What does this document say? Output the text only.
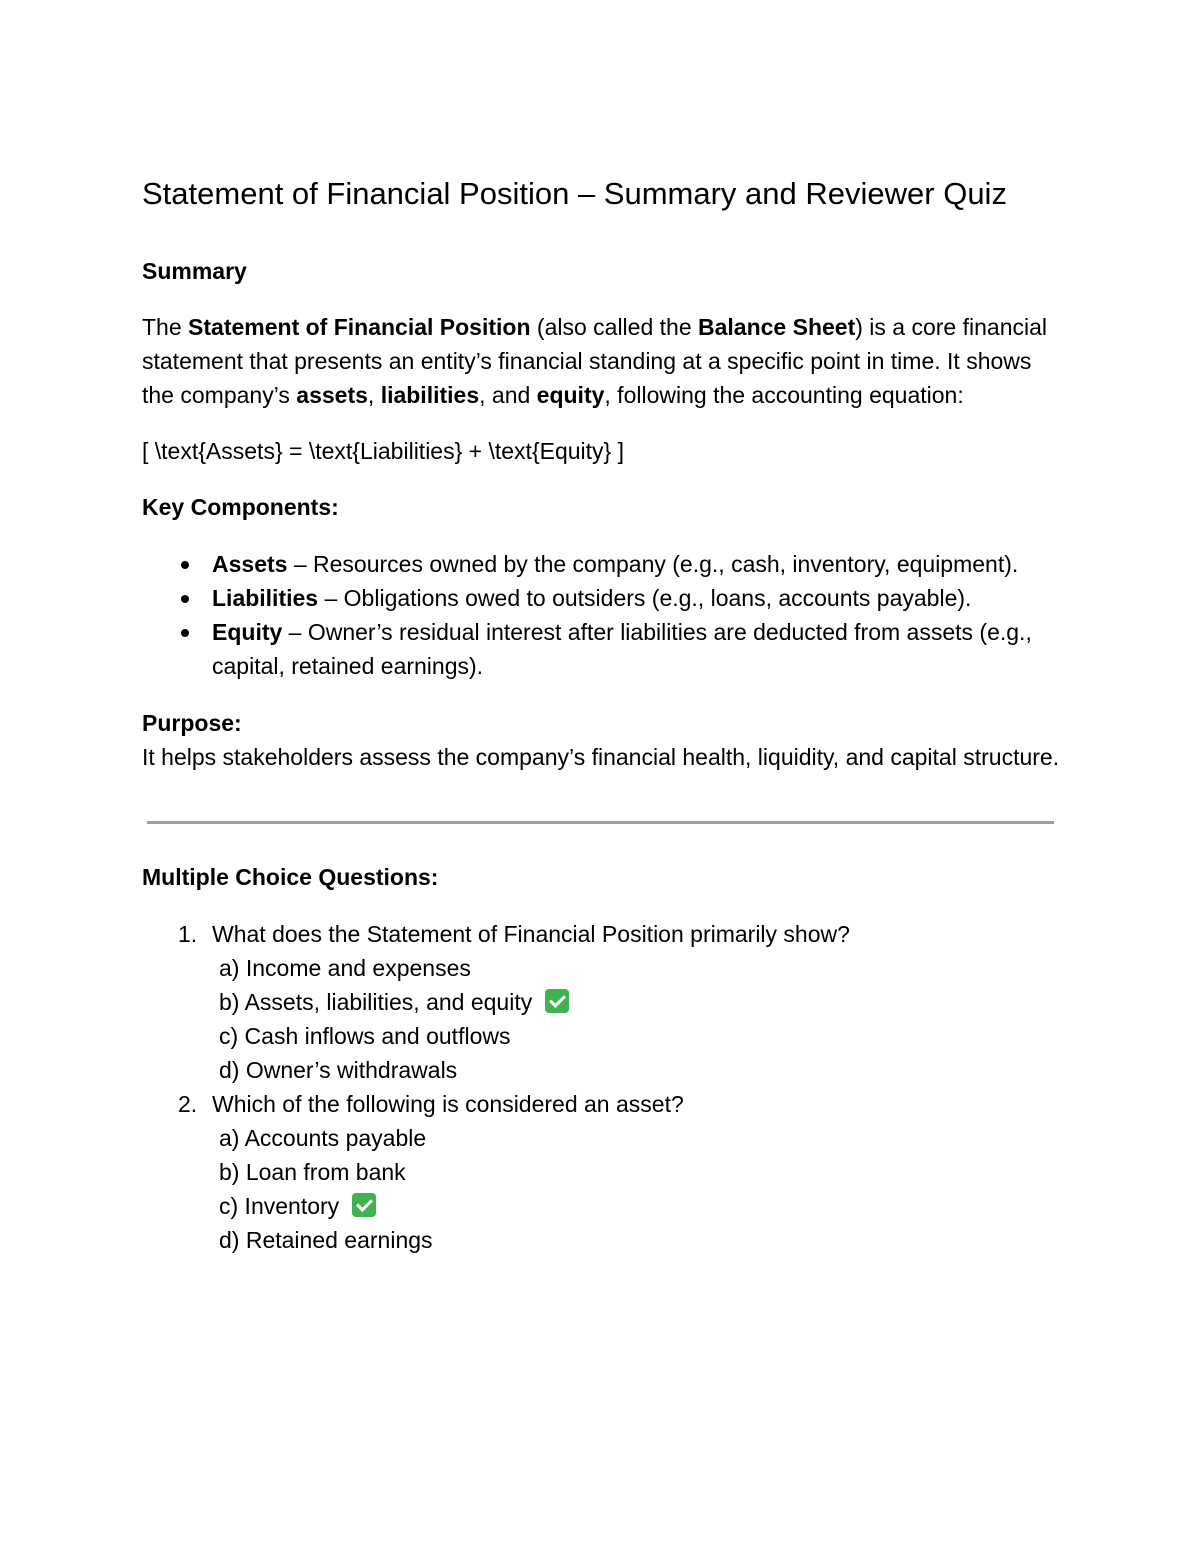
Statement of Financial Position – Summary and Reviewer Quiz

Summary

The Statement of Financial Position (also called the Balance Sheet) is a core financial statement that presents an entity’s financial standing at a specific point in time. It shows the company’s assets, liabilities, and equity, following the accounting equation:

[ \text{Assets} = \text{Liabilities} + \text{Equity} ]

Key Components:

Assets – Resources owned by the company (e.g., cash, inventory, equipment).
Liabilities – Obligations owed to outsiders (e.g., loans, accounts payable).
Equity – Owner’s residual interest after liabilities are deducted from assets (e.g., capital, retained earnings).

Purpose:

It helps stakeholders assess the company’s financial health, liquidity, and capital structure.

Multiple Choice Questions:

1. What does the Statement of Financial Position primarily show?
a) Income and expenses
b) Assets, liabilities, and equity
c) Cash inflows and outflows
d) Owner’s withdrawals
2. Which of the following is considered an asset?
a) Accounts payable
b) Loan from bank
c) Inventory
d) Retained earnings
